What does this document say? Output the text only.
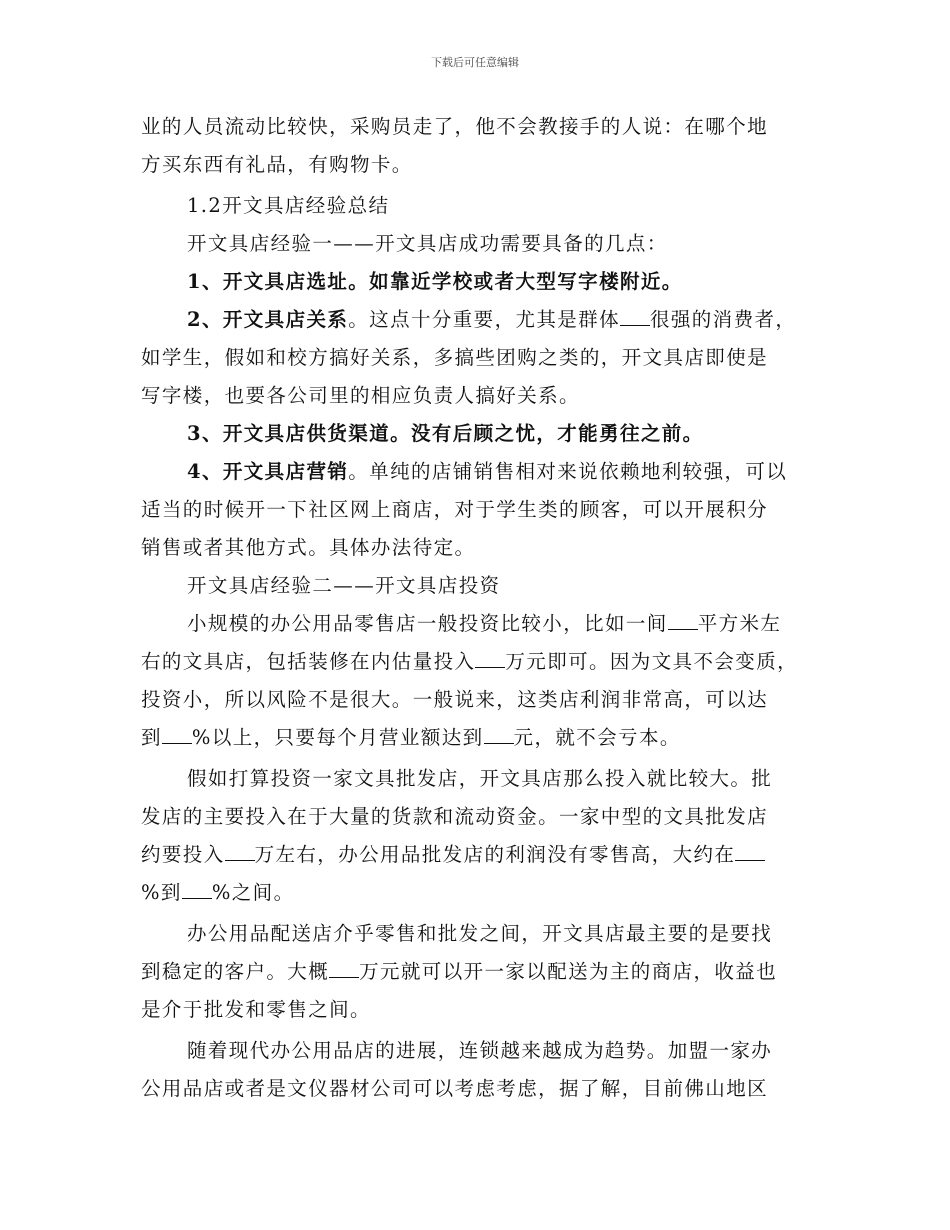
下载后可任意编辑
业的人员流动比较快，采购员走了，他不会教接手的人说：在哪个地
方买东西有礼品，有购物卡。
1.2开文具店经验总结
开文具店经验一——开文具店成功需要具备的几点：
1、开文具店选址。如靠近学校或者大型写字楼附近。
2、开文具店关系。这点十分重要，尤其是群体 很强的消费者，
如学生，假如和校方搞好关系，多搞些团购之类的，开文具店即使是
写字楼，也要各公司里的相应负责人搞好关系。
3、开文具店供货渠道。没有后顾之忧，才能勇往之前。
4、开文具店营销。单纯的店铺销售相对来说依赖地利较强，可以
适当的时候开一下社区网上商店，对于学生类的顾客，可以开展积分
销售或者其他方式。具体办法待定。
开文具店经验二——开文具店投资
小规模的办公用品零售店一般投资比较小，比如一间 平方米左
右的文具店，包括装修在内估量投入 万元即可。因为文具不会变质，
投资小，所以风险不是很大。一般说来，这类店利润非常高，可以达
到 %以上，只要每个月营业额达到 元，就不会亏本。
假如打算投资一家文具批发店，开文具店那么投入就比较大。批
发店的主要投入在于大量的货款和流动资金。一家中型的文具批发店
约要投入 万左右，办公用品批发店的利润没有零售高，大约在
%到 %之间。
办公用品配送店介乎零售和批发之间，开文具店最主要的是要找
到稳定的客户。大概 万元就可以开一家以配送为主的商店，收益也
是介于批发和零售之间。
随着现代办公用品店的进展，连锁越来越成为趋势。加盟一家办
公用品店或者是文仪器材公司可以考虑考虑，据了解，目前佛山地区
